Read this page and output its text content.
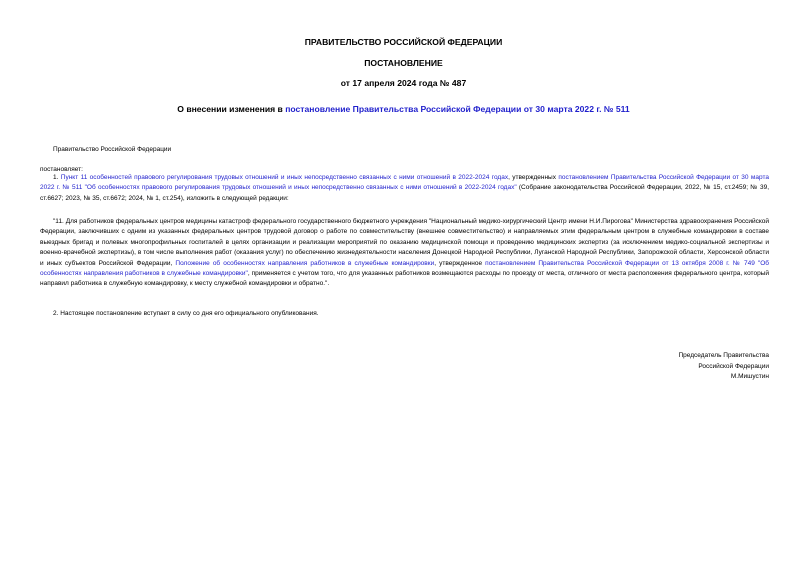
ПРАВИТЕЛЬСТВО РОССИЙСКОЙ ФЕДЕРАЦИИ
ПОСТАНОВЛЕНИЕ
от 17 апреля 2024 года № 487
О внесении изменения в постановление Правительства Российской Федерации от 30 марта 2022 г. № 511
Правительство Российской Федерации
постановляет:
1. Пункт 11 особенностей правового регулирования трудовых отношений и иных непосредственно связанных с ними отношений в 2022-2024 годах, утвержденных постановлением Правительства Российской Федерации от 30 марта 2022 г. № 511 "Об особенностях правового регулирования трудовых отношений и иных непосредственно связанных с ними отношений в 2022-2024 годах" (Собрание законодательства Российской Федерации, 2022, № 15, ст.2459; № 39, ст.6627; 2023, № 35, ст.6672; 2024, № 1, ст.254), изложить в следующей редакции:
"11. Для работников федеральных центров медицины катастроф федерального государственного бюджетного учреждения "Национальный медико-хирургический Центр имени Н.И.Пирогова" Министерства здравоохранения Российской Федерации, заключивших с одним из указанных федеральных центров трудовой договор о работе по совместительству (внешнее совместительство) и направляемых этим федеральным центром в служебные командировки в составе выездных бригад и полевых многопрофильных госпиталей в целях организации и реализации мероприятий по оказанию медицинской помощи и проведению медицинских экспертиз (за исключением медико-социальной экспертизы и военно-врачебной экспертизы), в том числе выполнения работ (оказания услуг) по обеспечению жизнедеятельности населения Донецкой Народной Республики, Луганской Народной Республики, Запорожской области, Херсонской области и иных субъектов Российской Федерации, Положение об особенностях направления работников в служебные командировки, утвержденное постановлением Правительства Российской Федерации от 13 октября 2008 г. № 749 "Об особенностях направления работников в служебные командировки", применяется с учетом того, что для указанных работников возмещаются расходы по проезду от места, отличного от места расположения федерального центра, который направил работника в служебную командировку, к месту служебной командировки и обратно.".
2. Настоящее постановление вступает в силу со дня его официального опубликования.
Председатель Правительства
Российской Федерации
М.Мишустин
